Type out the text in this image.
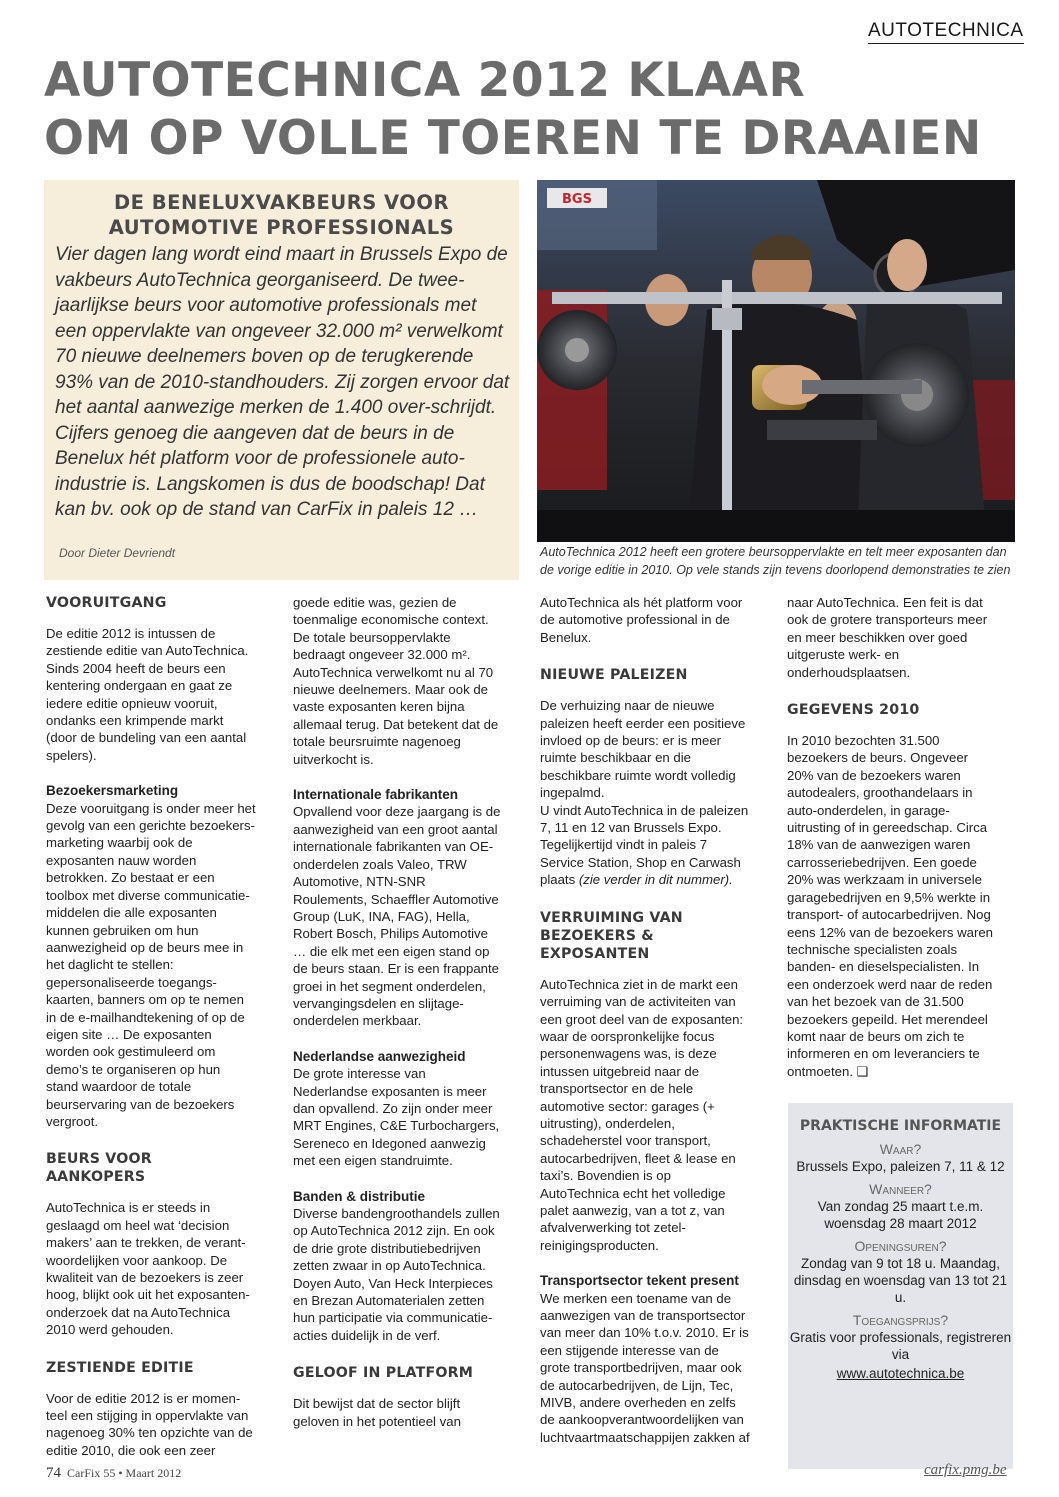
AUTOTECHNICA
AUTOTECHNICA 2012 KLAAR
OM OP VOLLE TOEREN TE DRAAIEN
DE BENELUXVAKBEURS VOOR
AUTOMOTIVE PROFESSIONALS

Vier dagen lang wordt eind maart in Brussels Expo de vakbeurs AutoTechnica georganiseerd. De twee-jaarlijkse beurs voor automotive professionals met een oppervlakte van ongeveer 32.000 m² verwelkomt 70 nieuwe deelnemers boven op de terugkerende 93% van de 2010-standhouders. Zij zorgen ervoor dat het aantal aanwezige merken de 1.400 over-schrijdt. Cijfers genoeg die aangeven dat de beurs in de Benelux hét platform voor de professionele auto-industrie is. Langskomen is dus de boodschap! Dat kan bv. ook op de stand van CarFix in paleis 12 …

Door Dieter Devriendt
BGS
AutoTechnica 2012 heeft een grotere beursoppervlakte en telt meer exposanten dan de vorige editie in 2010. Op vele stands zijn tevens doorlopend demonstraties te zien
VOORUITGANG

De editie 2012 is intussen de zestiende editie van AutoTechnica. Sinds 2004 heeft de beurs een kentering ondergaan en gaat ze iedere editie opnieuw vooruit, ondanks een krimpende markt (door de bundeling van een aantal spelers).

Bezoekersmarketing

Deze vooruitgang is onder meer het gevolg van een gerichte bezoekers-marketing waarbij ook de exposanten nauw worden betrokken. Zo bestaat er een toolbox met diverse communicatie-middelen die alle exposanten kunnen gebruiken om hun aanwezigheid op de beurs mee in het daglicht te stellen: gepersonaliseerde toegangs-kaarten, banners om op te nemen in de e-mailhandtekening of op de eigen site … De exposanten worden ook gestimuleerd om demo’s te organiseren op hun stand waardoor de totale beurservaring van de bezoekers vergroot.

BEURS VOOR AANKOPERS

AutoTechnica is er steeds in geslaagd om heel wat ‘decision makers’ aan te trekken, de verant-woordelijken voor aankoop. De kwaliteit van de bezoekers is zeer hoog, blijkt ook uit het exposanten-onderzoek dat na AutoTechnica 2010 werd gehouden.

ZESTIENDE EDITIE

Voor de editie 2012 is er momen-teel een stijging in oppervlakte van nagenoeg 30% ten opzichte van de editie 2010, die ook een zeer

goede editie was, gezien de toenmalige economische context. De totale beursoppervlakte bedraagt ongeveer 32.000 m². AutoTechnica verwelkomt nu al 70 nieuwe deelnemers. Maar ook de vaste exposanten keren bijna allemaal terug. Dat betekent dat de totale beursruimte nagenoeg uitverkocht is.

Internationale fabrikanten

Opvallend voor deze jaargang is de aanwezigheid van een groot aantal internationale fabrikanten van OE-onderdelen zoals Valeo, TRW Automotive, NTN-SNR Roulements, Schaeffler Automotive Group (LuK, INA, FAG), Hella, Robert Bosch, Philips Automotive … die elk met een eigen stand op de beurs staan. Er is een frappante groei in het segment onderdelen, vervangingsdelen en slijtage-onderdelen merkbaar.

Nederlandse aanwezigheid

De grote interesse van Nederlandse exposanten is meer dan opvallend. Zo zijn onder meer MRT Engines, C&E Turbochargers, Sereneco en Idegoned aanwezig met een eigen standruimte.

Banden & distributie

Diverse bandengroothandels zullen op AutoTechnica 2012 zijn. En ook de drie grote distributiebedrijven zetten zwaar in op AutoTechnica. Doyen Auto, Van Heck Interpieces en Brezan Automaterialen zetten hun participatie via communicatie-acties duidelijk in de verf.

GELOOF IN PLATFORM

Dit bewijst dat de sector blijft geloven in het potentieel van

AutoTechnica als hét platform voor de automotive professional in de Benelux.

NIEUWE PALEIZEN

De verhuizing naar de nieuwe paleizen heeft eerder een positieve invloed op de beurs: er is meer ruimte beschikbaar en die beschikbare ruimte wordt volledig ingepalmd.

U vindt AutoTechnica in de paleizen 7, 11 en 12 van Brussels Expo. Tegelijkertijd vindt in paleis 7 Service Station, Shop en Carwash plaats (zie verder in dit nummer).

VERRUIMING VAN BEZOEKERS & EXPOSANTEN

AutoTechnica ziet in de markt een verruiming van de activiteiten van een groot deel van de exposanten: waar de oorspronkelijke focus personenwagens was, is deze intussen uitgebreid naar de transportsector en de hele automotive sector: garages (+ uitrusting), onderdelen, schadeherstel voor transport, autocarbedrijven, fleet & lease en taxi’s. Bovendien is op AutoTechnica echt het volledige palet aanwezig, van a tot z, van afvalverwerking tot zetel-reinigingsproducten.

Transportsector tekent present

We merken een toename van de aanwezigen van de transportsector van meer dan 10% t.o.v. 2010. Er is een stijgende interesse van de grote transportbedrijven, maar ook de autocarbedrijven, de Lijn, Tec, MIVB, andere overheden en zelfs de aankoopverantwoordelijken van luchtvaartmaatschappijen zakken af

naar AutoTechnica. Een feit is dat ook de grotere transporteurs meer en meer beschikken over goed uitgeruste werk- en onderhoudsplaatsen.

GEGEVENS 2010

In 2010 bezochten 31.500 bezoekers de beurs. Ongeveer 20% van de bezoekers waren autodealers, groothandelaars in auto-onderdelen, in garage-uitrusting of in gereedschap. Circa 18% van de aanwezigen waren carrosseriebedrijven. Een goede 20% was werkzaam in universele garagebedrijven en 9,5% werkte in transport- of autocarbedrijven. Nog eens 12% van de bezoekers waren technische specialisten zoals banden- en dieselspecialisten. In een onderzoek werd naar de reden van het bezoek van de 31.500 bezoekers gepeild. Het merendeel komt naar de beurs om zich te informeren en om leveranciers te ontmoeten. ❑

PRAKTISCHE INFORMATIE
Waar?
Brussels Expo, paleizen 7, 11 & 12
Wanneer?
Van zondag 25 maart t.e.m. woensdag 28 maart 2012
Openingsuren?
Zondag van 9 tot 18 u. Maandag, dinsdag en woensdag van 13 tot 21 u.
Toegangsprijs?
Gratis voor professionals, registreren via
www.autotechnica.be
74 CarFix 55 • Maart 2012	carfix.pmg.be
